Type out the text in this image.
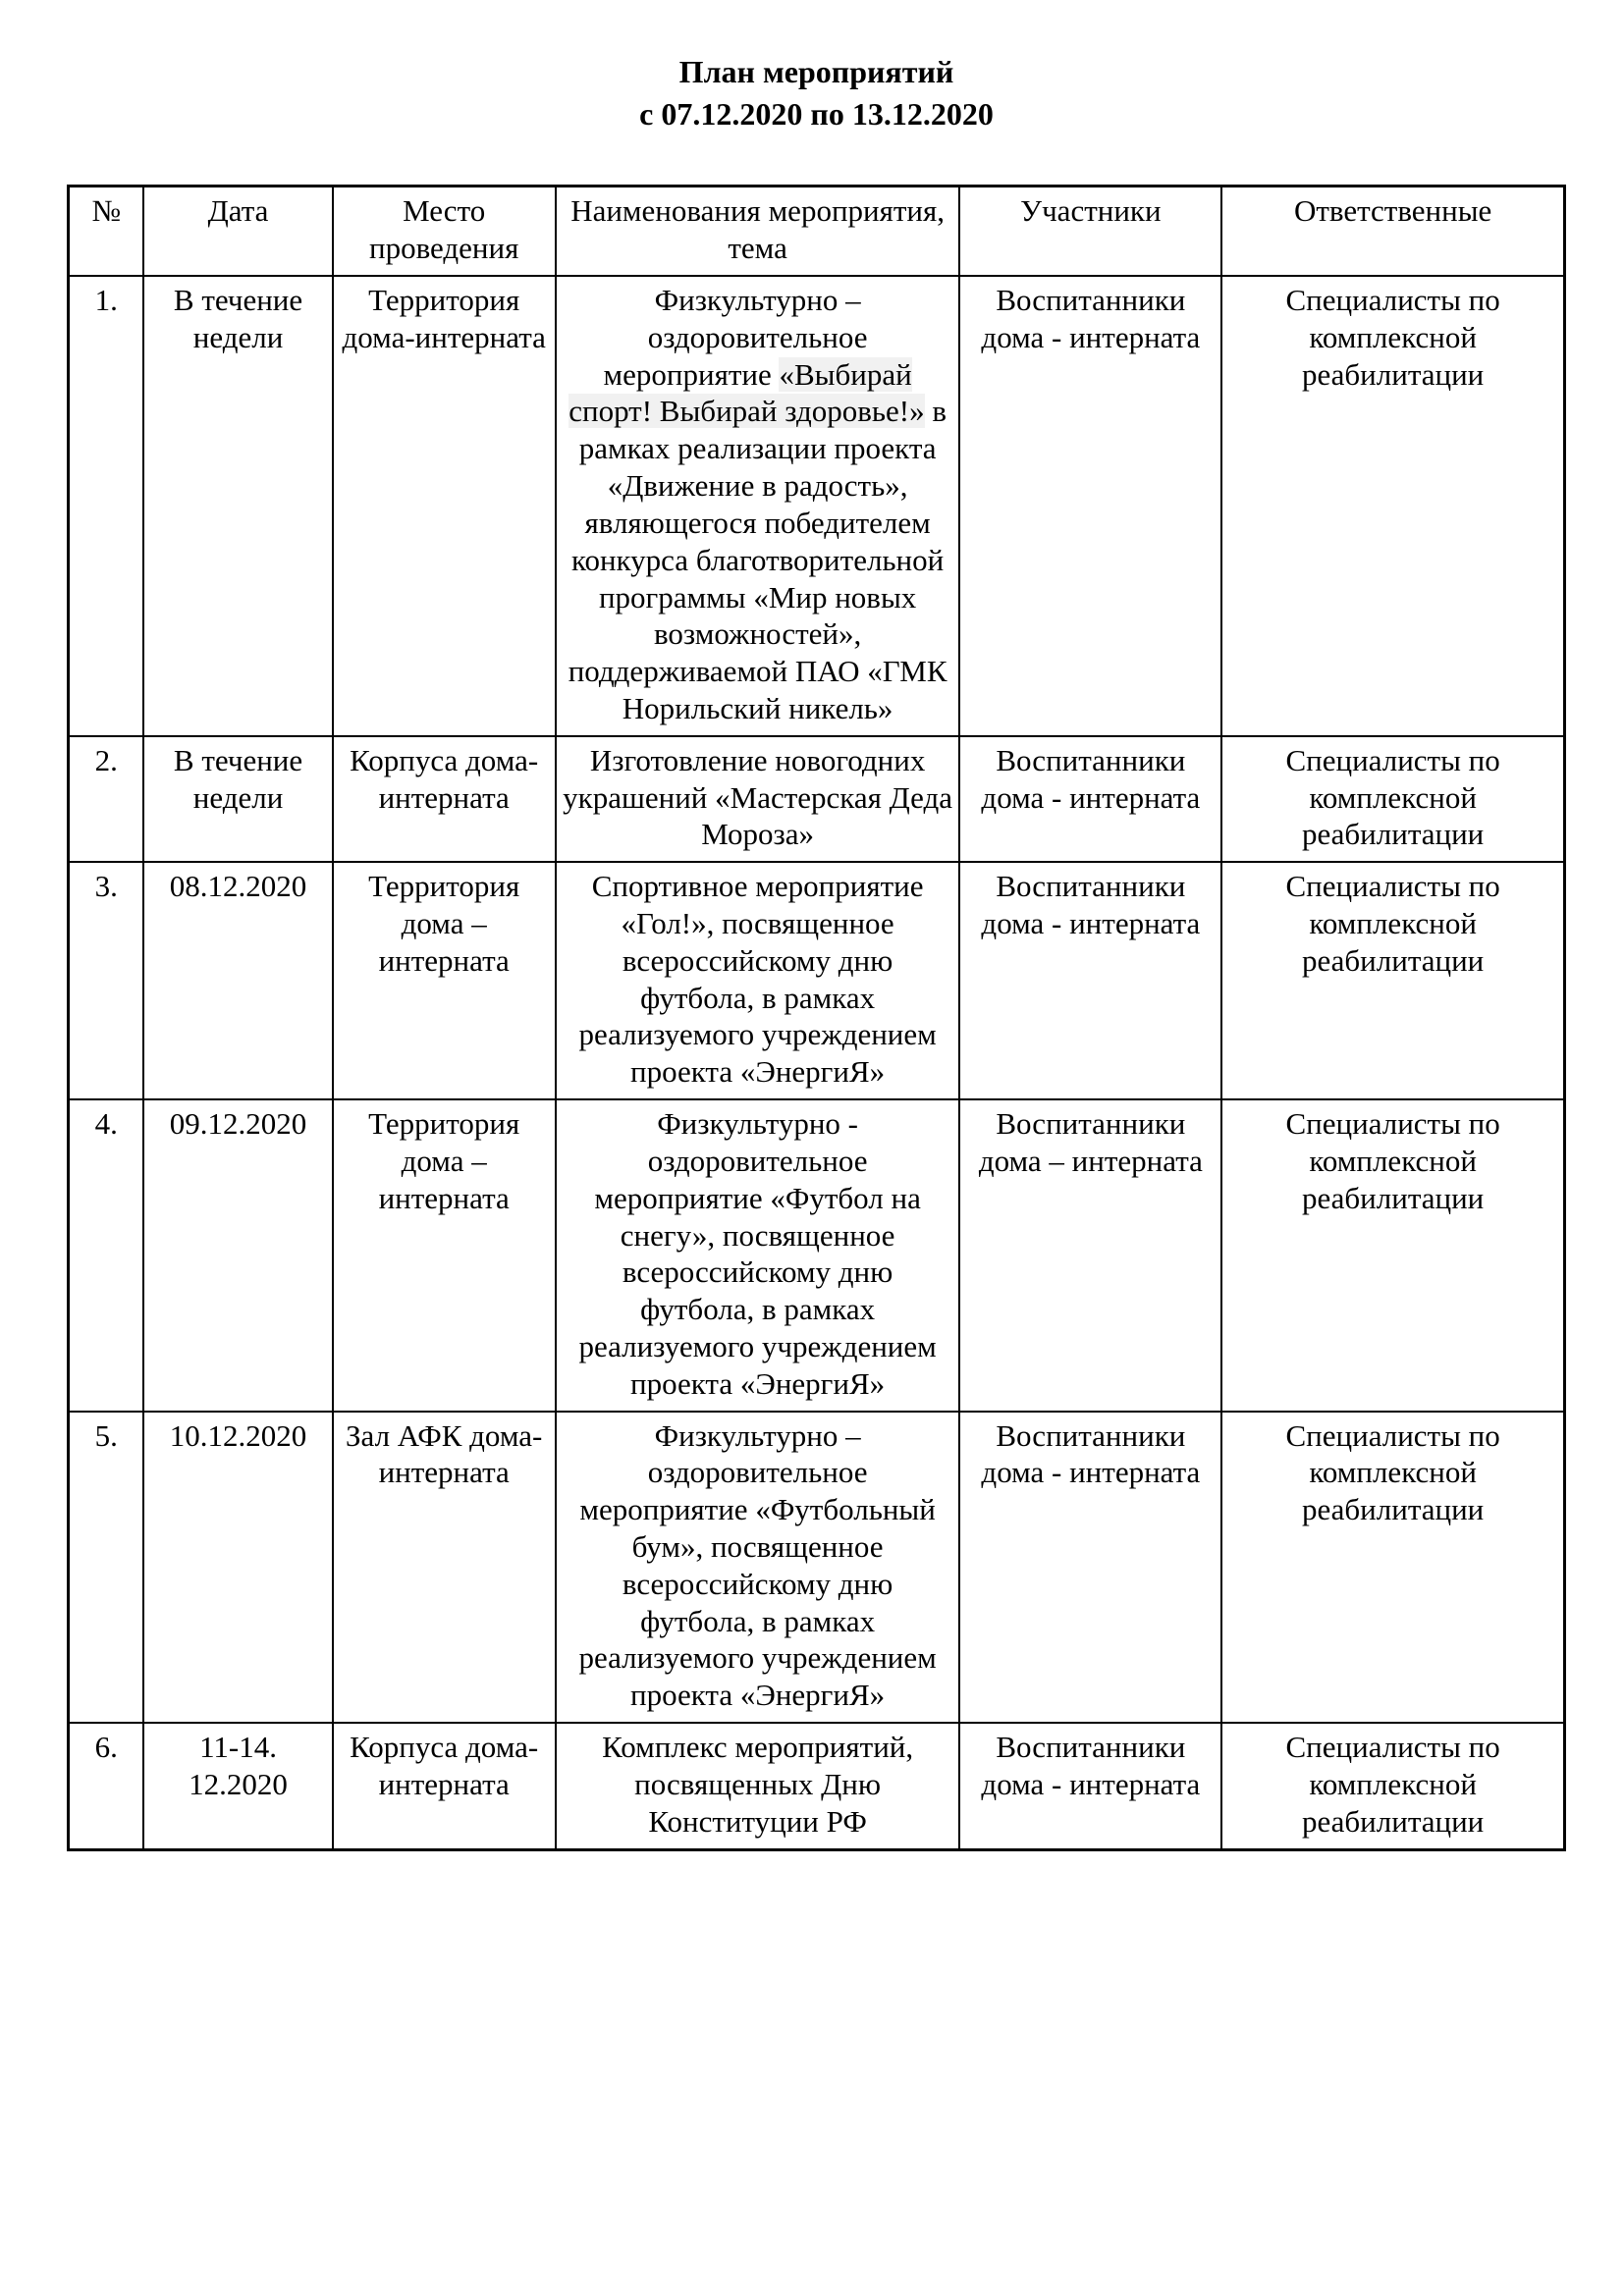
План мероприятий
с 07.12.2020 по 13.12.2020

№	Дата	Место проведения	Наименования мероприятия, тема	Участники	Ответственные
1.	В течение недели	Территория дома-интерната	Физкультурно – оздоровительное мероприятие «Выбирай спорт! Выбирай здоровье!» в рамках реализации проекта «Движение в радость», являющегося победителем конкурса благотворительной программы «Мир новых возможностей», поддерживаемой ПАО «ГМК Норильский никель»	Воспитанники дома - интерната	Специалисты по комплексной реабилитации
2.	В течение недели	Корпуса дома-интерната	Изготовление новогодних украшений «Мастерская Деда Мороза»	Воспитанники дома - интерната	Специалисты по комплексной реабилитации
3.	08.12.2020	Территория дома – интерната	Спортивное мероприятие «Гол!», посвященное всероссийскому дню футбола, в рамках реализуемого учреждением проекта «ЭнергиЯ»	Воспитанники дома - интерната	Специалисты по комплексной реабилитации
4.	09.12.2020	Территория дома – интерната	Физкультурно - оздоровительное мероприятие «Футбол на снегу», посвященное всероссийскому дню футбола, в рамках реализуемого учреждением проекта «ЭнергиЯ»	Воспитанники дома – интерната	Специалисты по комплексной реабилитации
5.	10.12.2020	Зал АФК дома-интерната	Физкультурно – оздоровительное мероприятие «Футбольный бум», посвященное всероссийскому дню футбола, в рамках реализуемого учреждением проекта «ЭнергиЯ»	Воспитанники дома - интерната	Специалисты по комплексной реабилитации
6.	11-14. 12.2020	Корпуса дома-интерната	Комплекс мероприятий, посвященных Дню Конституции РФ	Воспитанники дома - интерната	Специалисты по комплексной реабилитации
